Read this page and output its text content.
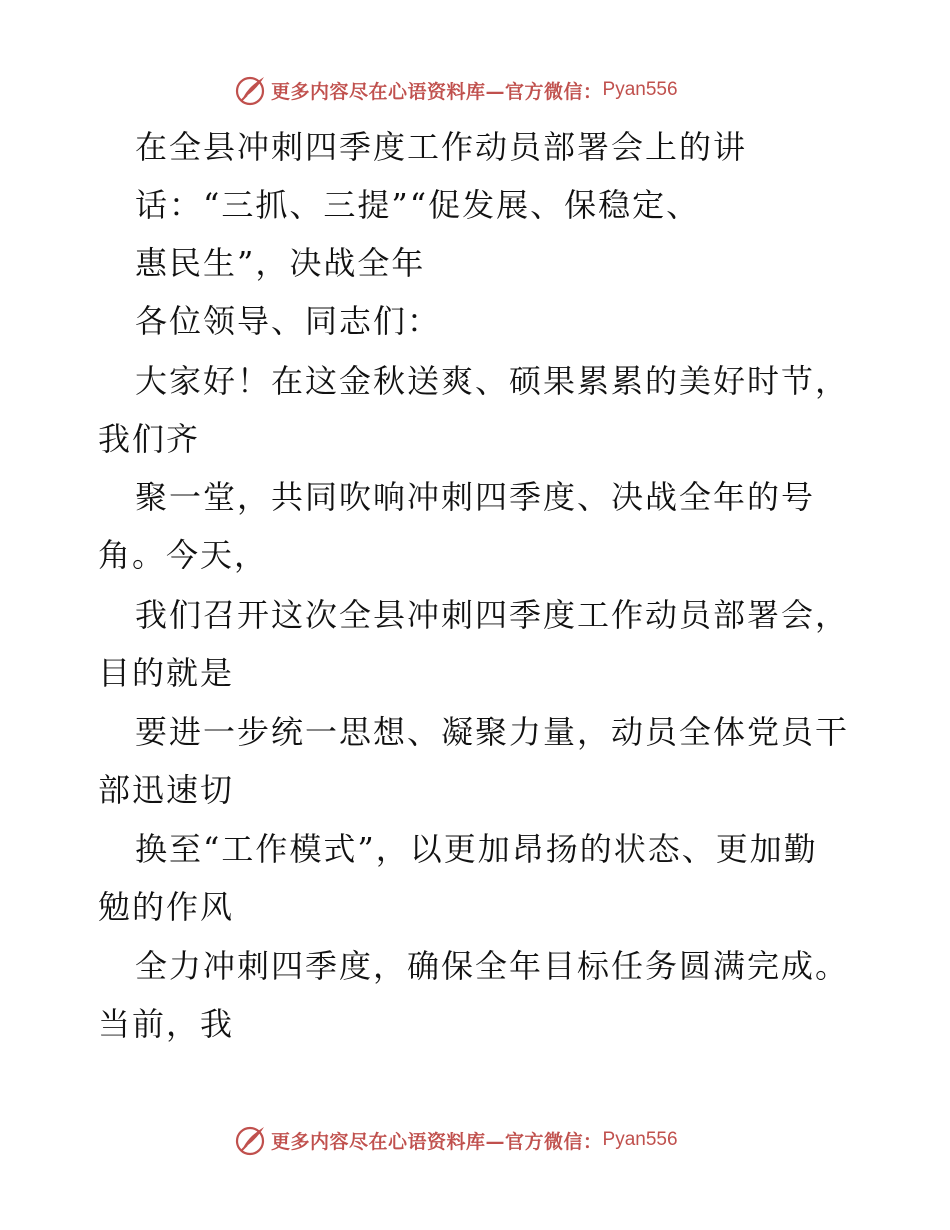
更多内容尽在心语资料库—官方微信： Pyan556
在全县冲刺四季度工作动员部署会上的讲
话：“三抓、三提”“促发展、保稳定、
惠民生”，决战全年
各位领导、同志们：
大家好！在这金秋送爽、硕果累累的美好时节，
我们齐
聚一堂，共同吹响冲刺四季度、决战全年的号
角。今天，
我们召开这次全县冲刺四季度工作动员部署会，
目的就是
要进一步统一思想、凝聚力量，动员全体党员干
部迅速切
换至“工作模式”，以更加昂扬的状态、更加勤
勉的作风
全力冲刺四季度，确保全年目标任务圆满完成。
当前，我
更多内容尽在心语资料库—官方微信： Pyan556
